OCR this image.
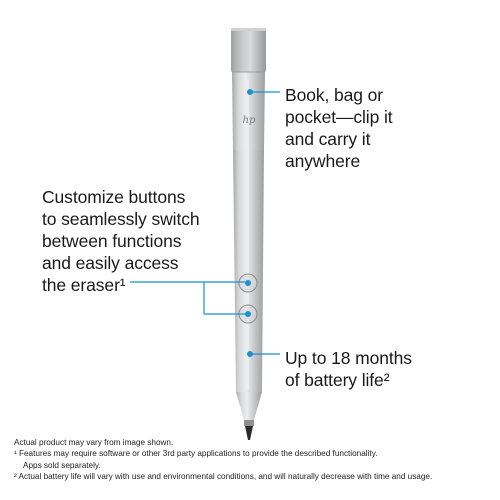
hp
Book, bag or
pocket—clip it
and carry it
anywhere
Customize buttons
to seamlessly switch
between functions
and easily access
the eraser¹
Up to 18 months
of battery life²
Actual product may vary from image shown.
¹ Features may require software or other 3rd party applications to provide the described functionality.
Apps sold separately.
² Actual battery life will vary with use and environmental conditions, and will naturally decrease with time and usage.
